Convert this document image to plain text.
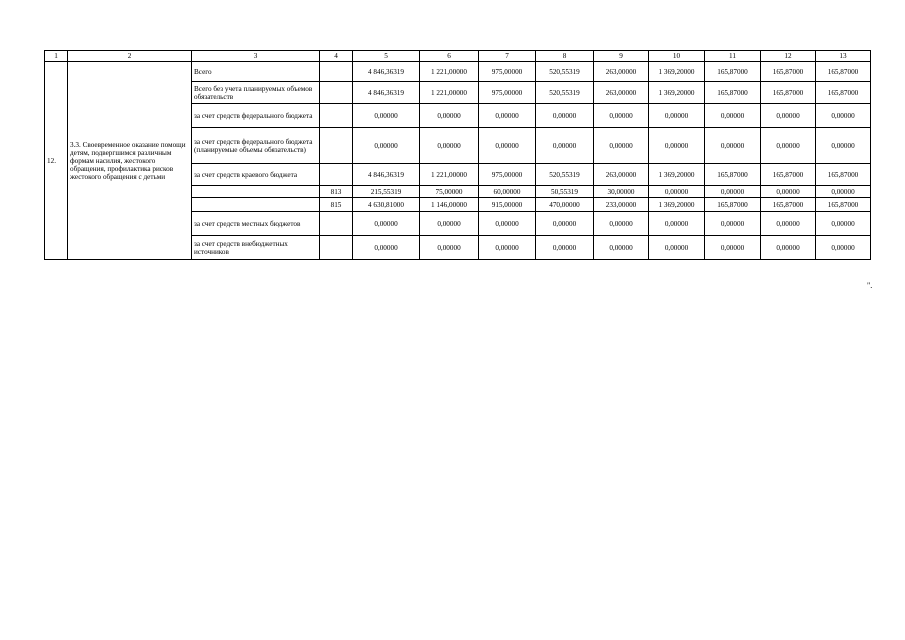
1	2	3	4	5	6	7	8	9	10	11	12	13
12.	3.3. Своевременное оказание помощи детям, подвергшимся различным формам насилия, жестокого обращения, профилактика рисков жестокого обращения с детьми	Всего		4 846,36319	1 221,00000	975,00000	520,55319	263,00000	1 369,20000	165,87000	165,87000	165,87000
		Всего без учета планируемых объемов обязательств		4 846,36319	1 221,00000	975,00000	520,55319	263,00000	1 369,20000	165,87000	165,87000	165,87000
		за счет средств федерального бюджета		0,00000	0,00000	0,00000	0,00000	0,00000	0,00000	0,00000	0,00000	0,00000
		за счет средств федерального бюджета (планируемые объемы обязательств)		0,00000	0,00000	0,00000	0,00000	0,00000	0,00000	0,00000	0,00000	0,00000
		за счет средств краевого бюджета		4 846,36319	1 221,00000	975,00000	520,55319	263,00000	1 369,20000	165,87000	165,87000	165,87000
			813	215,55319	75,00000	60,00000	50,55319	30,00000	0,00000	0,00000	0,00000	0,00000
			815	4 630,81000	1 146,00000	915,00000	470,00000	233,00000	1 369,20000	165,87000	165,87000	165,87000
		за счет средств местных бюджетов		0,00000	0,00000	0,00000	0,00000	0,00000	0,00000	0,00000	0,00000	0,00000
		за счет средств внебюджетных источников		0,00000	0,00000	0,00000	0,00000	0,00000	0,00000	0,00000	0,00000	0,00000
".
